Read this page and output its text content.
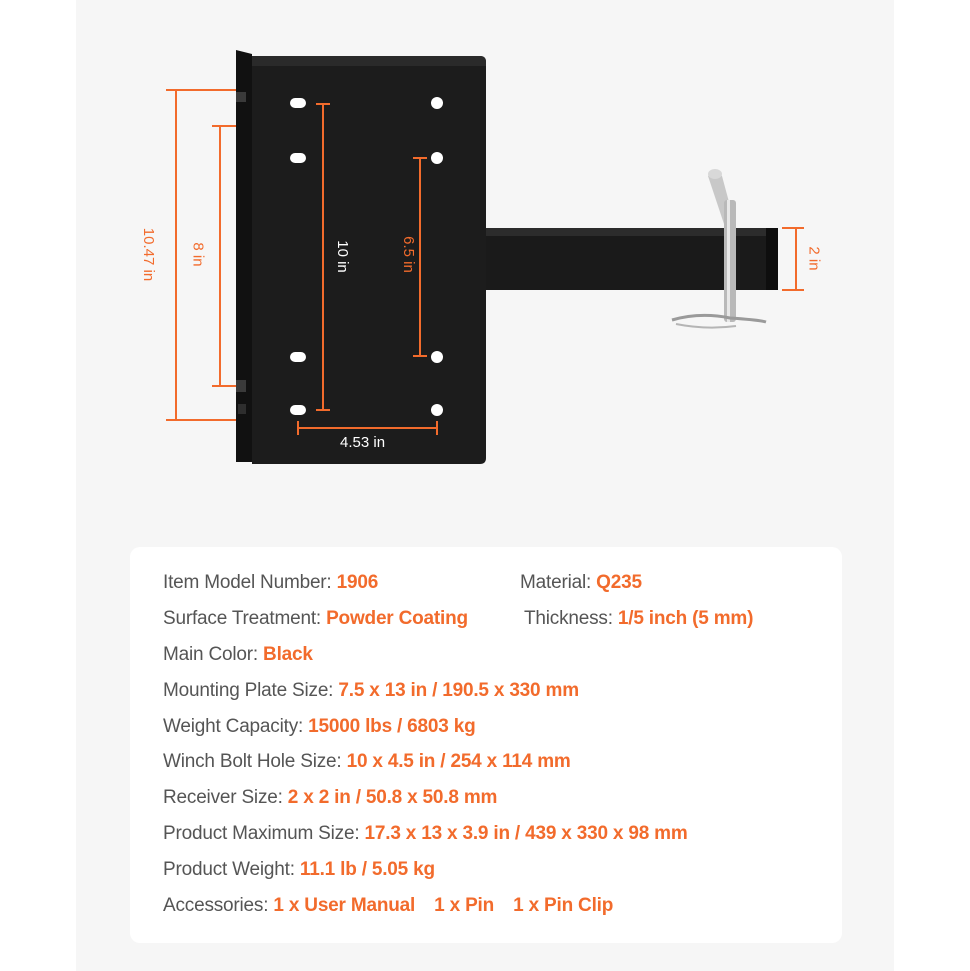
10.47 in 8 in	10 in	6.5 in
4.53 in
2 in
Item Model Number: 1906	Material: Q235
Surface Treatment: Powder Coating	Thickness: 1/5 inch (5 mm)
Main Color: Black
Mounting Plate Size: 7.5 x 13 in / 190.5 x 330 mm
Weight Capacity: 15000 lbs / 6803 kg
Winch Bolt Hole Size: 10 x 4.5 in / 254 x 114 mm
Receiver Size: 2 x 2 in / 50.8 x 50.8 mm
Product Maximum Size: 17.3 x 13 x 3.9 in / 439 x 330 x 98 mm
Product Weight: 11.1 lb / 5.05 kg
Accessories: 1 x User Manual 1 x Pin 1 x Pin Clip
